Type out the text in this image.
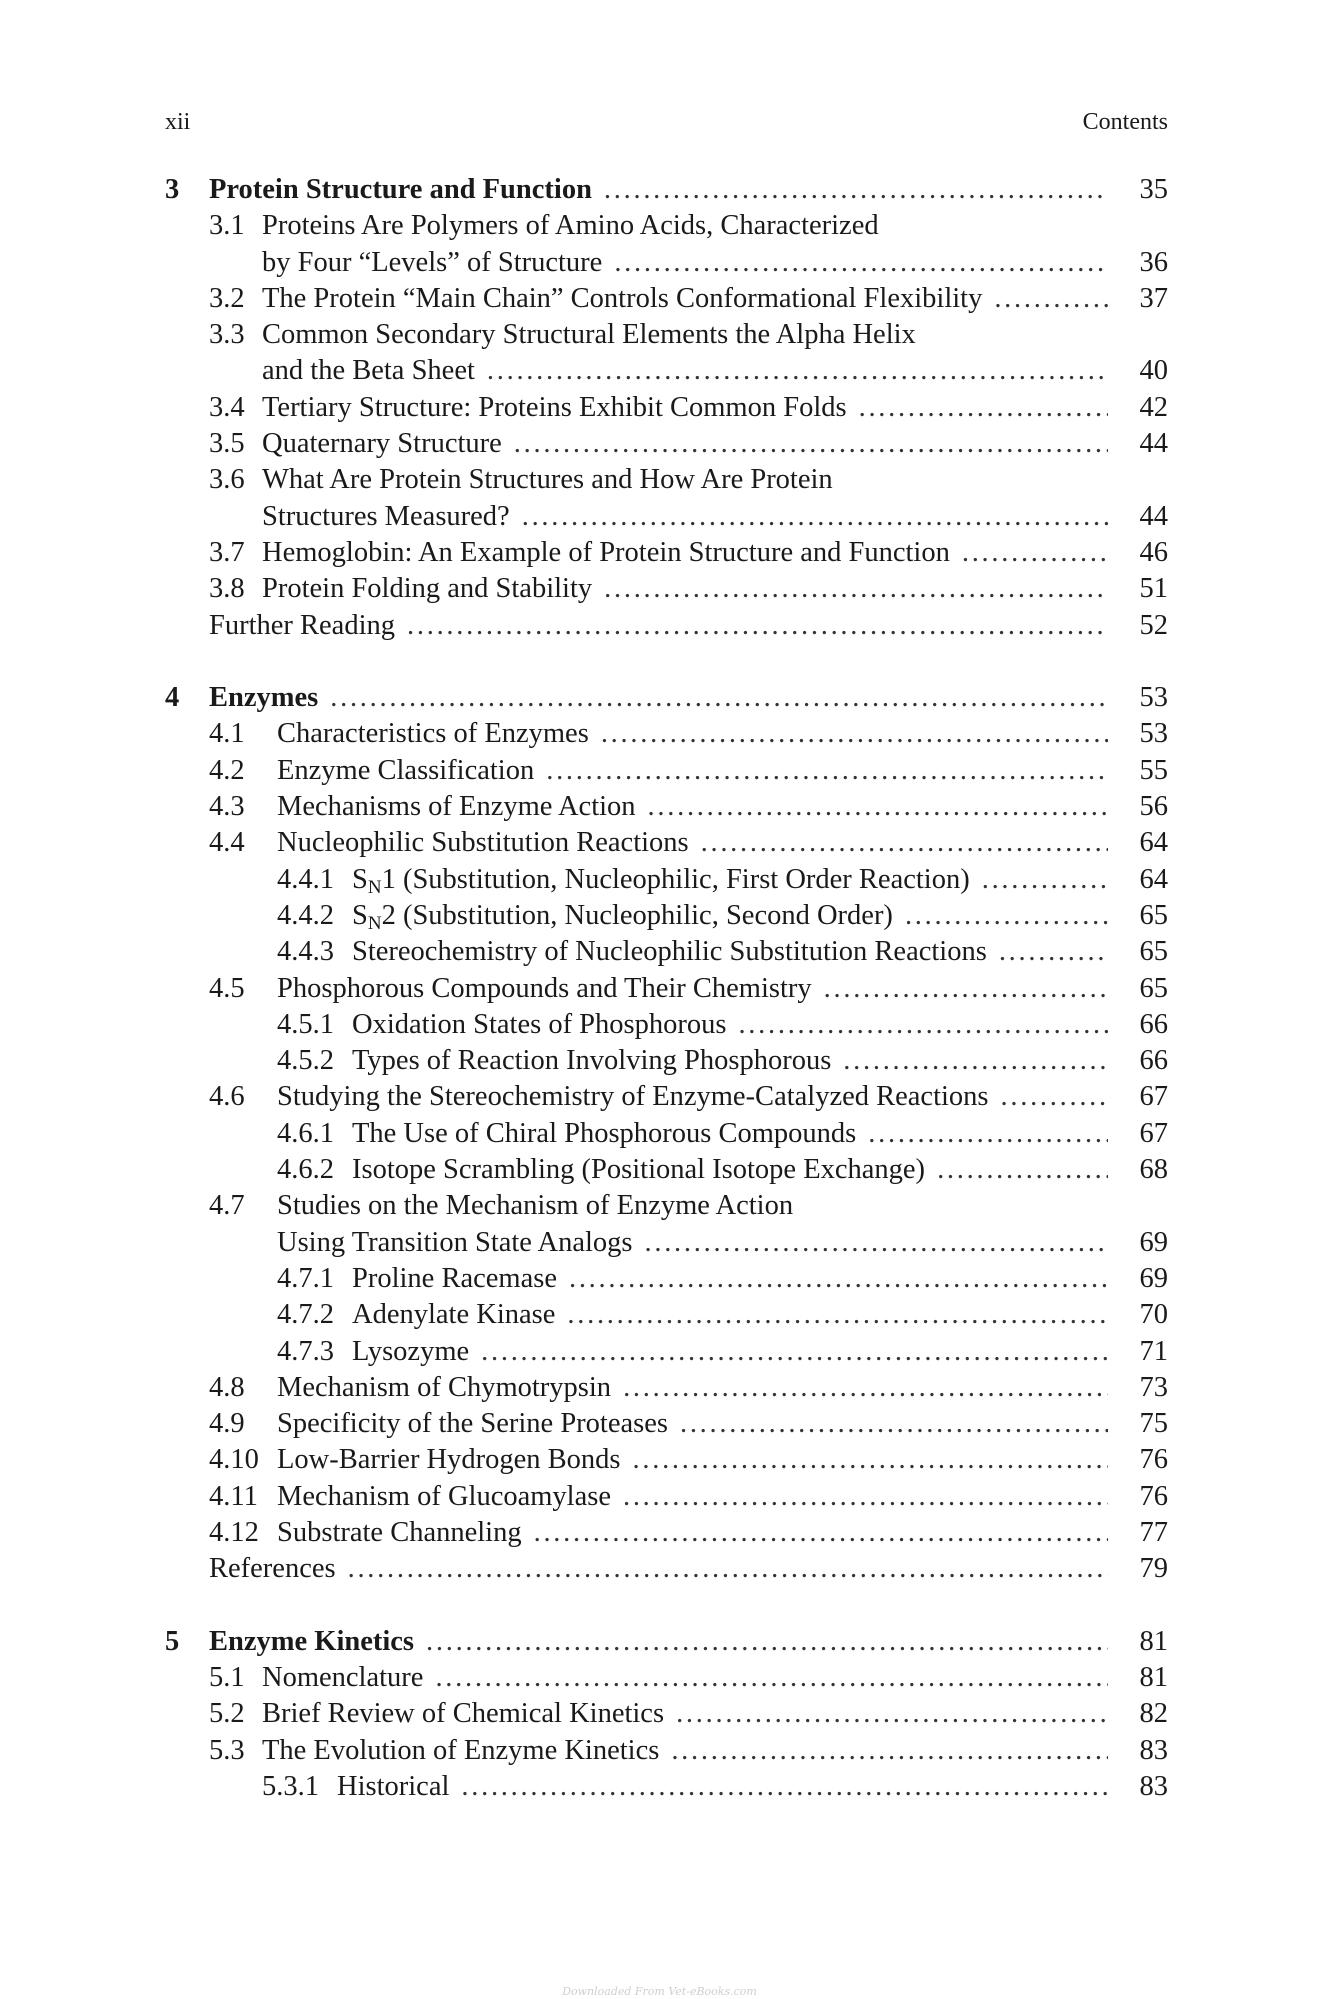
xii	Contents
3 Protein Structure and Function . . .	35
3.1 Proteins Are Polymers of Amino Acids, Characterized
by Four “Levels” of Structure . . .	36
3.2 The Protein “Main Chain” Controls Conformational Flexibility . . .	37
3.3 Common Secondary Structural Elements the Alpha Helix
and the Beta Sheet . . .	40
3.4 Tertiary Structure: Proteins Exhibit Common Folds . . .	42
3.5 Quaternary Structure . . .	44
3.6 What Are Protein Structures and How Are Protein
Structures Measured? . . .	44
3.7 Hemoglobin: An Example of Protein Structure and Function . . .	46
3.8 Protein Folding and Stability . . .	51
Further Reading . . .	52
4 Enzymes . . .	53
4.1 Characteristics of Enzymes . . .	53
4.2 Enzyme Classification . . .	55
4.3 Mechanisms of Enzyme Action . . .	56
4.4 Nucleophilic Substitution Reactions . . .	64
4.4.1 SN1 (Substitution, Nucleophilic, First Order Reaction) . . .	64
4.4.2 SN2 (Substitution, Nucleophilic, Second Order) . . .	65
4.4.3 Stereochemistry of Nucleophilic Substitution Reactions . . .	65
4.5 Phosphorous Compounds and Their Chemistry . . .	65
4.5.1 Oxidation States of Phosphorous . . .	66
4.5.2 Types of Reaction Involving Phosphorous . . .	66
4.6 Studying the Stereochemistry of Enzyme-Catalyzed Reactions . . .	67
4.6.1 The Use of Chiral Phosphorous Compounds . . .	67
4.6.2 Isotope Scrambling (Positional Isotope Exchange) . . .	68
4.7 Studies on the Mechanism of Enzyme Action
Using Transition State Analogs . . .	69
4.7.1 Proline Racemase . . .	69
4.7.2 Adenylate Kinase . . .	70
4.7.3 Lysozyme . . .	71
4.8 Mechanism of Chymotrypsin . . .	73
4.9 Specificity of the Serine Proteases . . .	75
4.10 Low-Barrier Hydrogen Bonds . . .	76
4.11 Mechanism of Glucoamylase . . .	76
4.12 Substrate Channeling . . .	77
References . . .	79
5 Enzyme Kinetics . . .	81
5.1 Nomenclature . . .	81
5.2 Brief Review of Chemical Kinetics . . .	82
5.3 The Evolution of Enzyme Kinetics . . .	83
5.3.1 Historical . . .	83
Downloaded From Vet-eBooks.com
